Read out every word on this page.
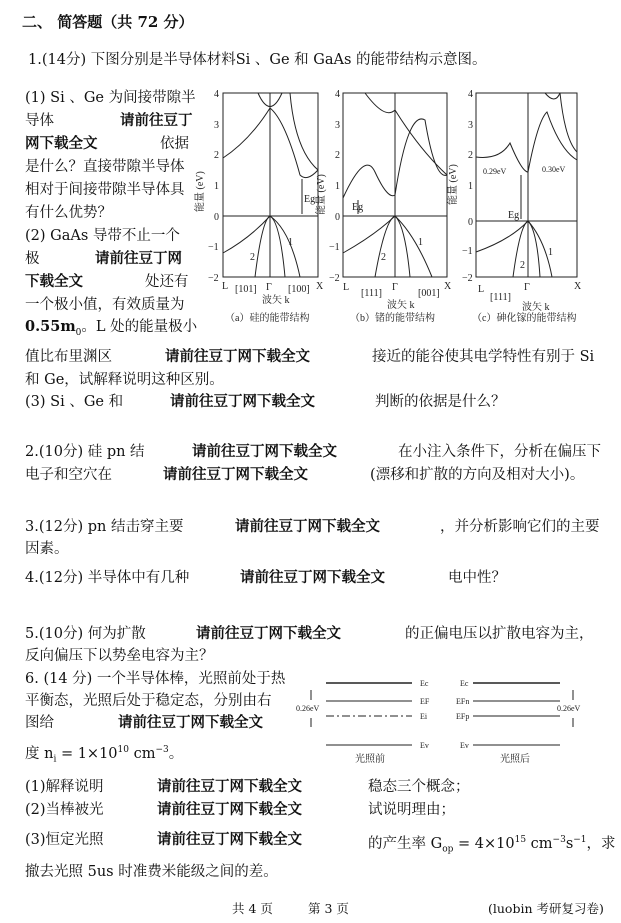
二、 简答题（共 72 分）
1.(14分) 下图分别是半导体材料Si 、Ge 和 GaAs 的能带结构示意图。
(1) Si 、Ge 为间接带隙半
导体	请前往豆丁
网下载全文	依据
是什么？直接带隙半导体
相对于间接带隙半导体具
有什么优势？
(2) GaAs 导带不止一个
极	请前往豆丁网
下载全文	处还有
一个极小值，有效质量为
$0.55m_0$。L 处的能量极小
值比布里渊区	请前往豆丁网下载全文	接近的能谷使其电学特性有别于 Si
和 Ge，试解释说明这种区别。
(3) Si 、Ge 和	请前往豆丁网下载全文	判断的依据是什么？
2.(10分) 硅 pn 结	请前往豆丁网下载全文	在小注入条件下，分析在偏压下
电子和空穴在	请前往豆丁网下载全文	(漂移和扩散的方向及相对大小)。
3.(12分) pn 结击穿主要	请前往豆丁网下载全文	，并分析影响它们的主要
因素。
4.(12分) 半导体中有几种	请前往豆丁网下载全文	电中性？
5.(10分) 何为扩散	请前往豆丁网下载全文	的正偏电压以扩散电容为主，
反向偏压下以势垒电容为主？
6. (14 分) 一个半导体棒，光照前处于热
平衡态，光照后处于稳定态，分别由右
图给	请前往豆丁网下载全文
度 $n_i = 1\times 10^{10}$ $cm^{-3}$。
(1)解释说明	请前往豆丁网下载全文	稳态三个概念；
(2)当棒被光	请前往豆丁网下载全文	试说明理由；
(3)恒定光照	请前往豆丁网下载全文	的产生率 $G_{op} = 4\times 10^{15}$ $cm^{-3}s^{-1}$，求
撤去光照 5us 时准费米能级之间的差。
共 4 页	第 3 页	(luobin 考研复习卷)
4
3
2
1
0
−1
−2
4
3
2
1
0
−1
−2
4
3
2
1
0
−1
−2
能量 (eV)	能量 (eV)	能量 (eV)
L	X
Γ
[101]	[100]
波矢 k
Eg
2
1
L	X
Γ
[111]	[001]
波矢 k
Eg
2
1
L	X
Γ
[111]
波矢 k
Eg
0.29eV	0.30eV
2
1
（a）硅的能带结构	（b）锗的能带结构	（c）砷化镓的能带结构
Ec
EF
Ei
Ev
Ec
EFn
EFp
Ev
0.26eV	0.26eV
光照前	光照后
